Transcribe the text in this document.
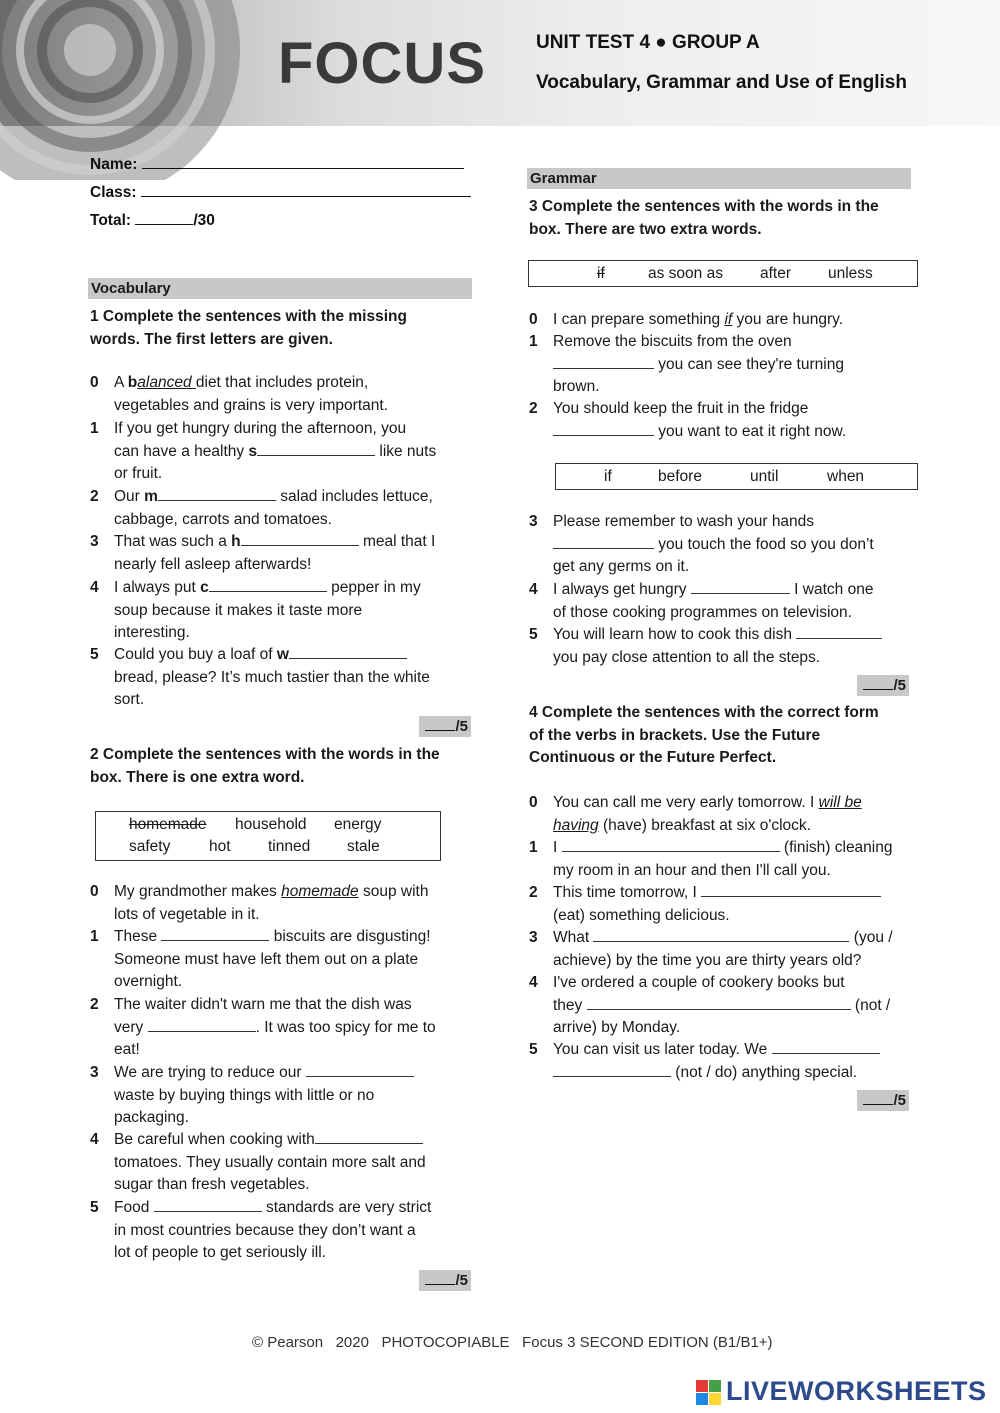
FOCUS	UNIT TEST 4 ● GROUP A
Vocabulary, Grammar and Use of English
Name:
Class:
Total:	/30
Vocabulary
1 Complete the sentences with the missing
words. The first letters are given.
0 A balanced diet that includes protein,
vegetables and grains is very important.
1 If you get hungry during the afternoon, you
can have a healthy s	like nuts
or fruit.
2 Our m	salad includes lettuce,
cabbage, carrots and tomatoes.
3 That was such a h	meal that I
nearly fell asleep afterwards!
4 I always put c	pepper in my
soup because it makes it taste more
interesting.
5 Could you buy a loaf of w
bread, please? It’s much tastier than the white
sort.
/5
2 Complete the sentences with the words in the
box. There is one extra word.
homemade household energy
safety hot tinned stale
0 My grandmother makes homemade soup with
lots of vegetable in it.
1 These	biscuits are disgusting!
Someone must have left them out on a plate
overnight.
2 The waiter didn't warn me that the dish was
very	. It was too spicy for me to
eat!
3 We are trying to reduce our
waste by buying things with little or no
packaging.
4 Be careful when cooking with
tomatoes. They usually contain more salt and
sugar than fresh vegetables.
5 Food	standards are very strict
in most countries because they don’t want a
lot of people to get seriously ill.
/5
Grammar
3 Complete the sentences with the words in the
box. There are two extra words.
if	as soon as after unless
0 I can prepare something if you are hungry.
1 Remove the biscuits from the oven
you can see they're turning
brown.
2 You should keep the fruit in the fridge
you want to eat it right now.
if	before	until	when
3 Please remember to wash your hands
you touch the food so you don’t
get any germs on it.
4 I always get hungry	I watch one
of those cooking programmes on television.
5 You will learn how to cook this dish
you pay close attention to all the steps.
/5
4 Complete the sentences with the correct form
of the verbs in brackets. Use the Future
Continuous or the Future Perfect.
0 You can call me very early tomorrow. I will be
having (have) breakfast at six o'clock.
1 I	(finish) cleaning
my room in an hour and then I'll call you.
2 This time tomorrow, I
(eat) something delicious.
3 What	(you /
achieve) by the time you are thirty years old?
4 I've ordered a couple of cookery books but
they	(not /
arrive) by Monday.
5 You can visit us later today. We
(not / do) anything special.
/5
© Pearson   2020   PHOTOCOPIABLE   Focus 3 SECOND EDITION (B1/B1+)
LIVEWORKSHEETS
